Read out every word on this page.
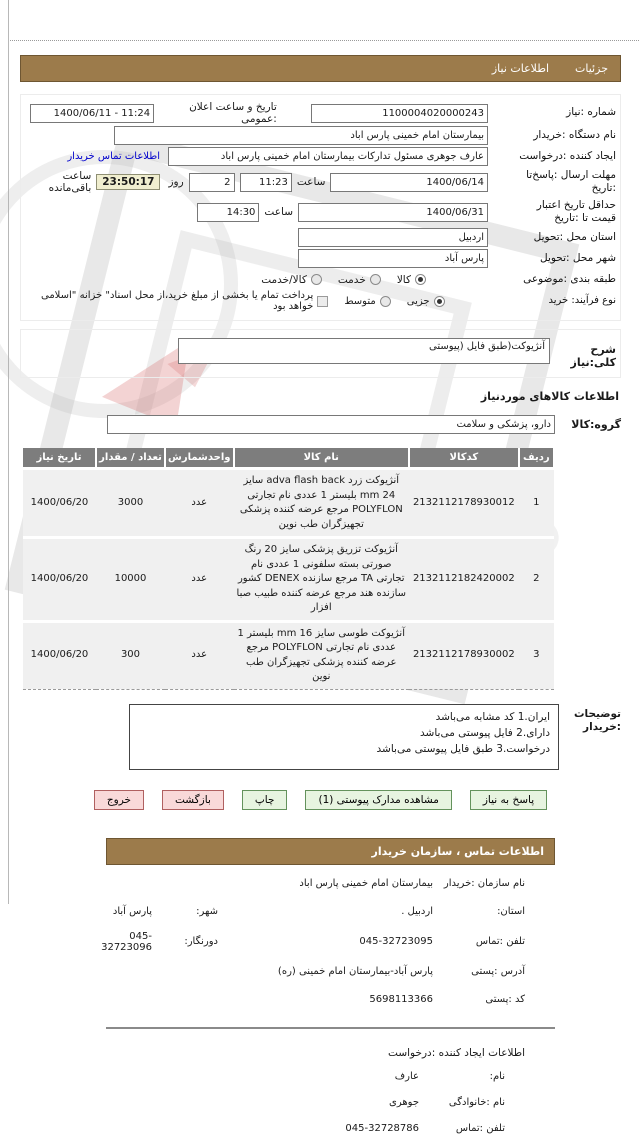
جزئیات
اطلاعات نیاز
شماره :نیاز
1100004020000243
تاریخ و ساعت اعلان :عمومی
1400/06/11 - 11:24
نام دستگاه :خریدار
بیمارستان امام خمینی پارس اباد
ایجاد کننده :درخواست
عارف جوهری مسئول تدارکات بیمارستان امام خمینی پارس اباد
اطلاعات تماس خریدار
مهلت ارسال :پاسخ‌تا
:تاریخ
1400/06/14
ساعت
11:23
2
روز
23:50:17
ساعت باقی‌مانده
حداقل تاریخ اعتبار
قیمت تا :تاریخ
1400/06/31
ساعت
14:30
استان محل :تحویل
اردبیل
شهر محل :تحویل
پارس آباد
طبقه بندی :موضوعی
کالا
خدمت
کالا/خدمت
نوع فرآیند: خرید
جزیی
متوسط
پرداخت تمام یا بخشی از مبلغ خرید،از محل اسناد" خزانه "اسلامی خواهد بود
شرح کلی:نیاز
آنژیوکت(طبق فایل (پیوستی
اطلاعات کالاهای موردنیاز
گروه:کالا
دارو، پزشکی و سلامت
ردیف	کدکالا	نام کالا	واحدشمارش	تعداد / مقدار	تاریخ نیاز
1	2132112178930012	آنژیوکت زرد adva flash back سایز 24 mm بلیستر 1 عددی نام تجارتی POLYFLON مرجع عرضه کننده پزشکی تجهیزگران طب نوین	عدد	3000	1400/06/20
2	2132112182420002	آنژیوکت تزریق پزشکی سایز 20 رنگ صورتی بسته سلفونی 1 عددی نام تجارتی TA مرجع سازنده DENEX کشور سازنده هند مرجع عرضه کننده طبیب صبا افزار	عدد	10000	1400/06/20
3	2132112178930002	آنژیوکت طوسی سایز 16 mm بلیستر 1 عددی نام تجارتی POLYFLON مرجع عرضه کننده پزشکی تجهیزگران طب نوین	عدد	300	1400/06/20
توضیحات :خریدار
ایران.1 کد مشابه می‌باشد
دارای.2 فایل پیوستی می‌باشد
درخواست.3 طبق فایل پیوستی می‌باشد
پاسخ به نیاز
مشاهده مدارک پیوستی (1)
چاپ
بازگشت
خروج
اطلاعات تماس ، سازمان خریدار
نام سازمان :خریدار
بیمارستان امام خمینی پارس اباد
استان:
اردبیل .
شهر:
پارس آباد
تلفن :تماس
045-32723095
دورنگار:
045-32723096
آدرس :پستی
پارس آباد-بیمارستان امام خمینی (ره)
کد :پستی
5698113366
اطلاعات ایجاد کننده :درخواست
نام:
عارف
نام :خانوادگی
جوهری
تلفن :تماس
045-32728786
